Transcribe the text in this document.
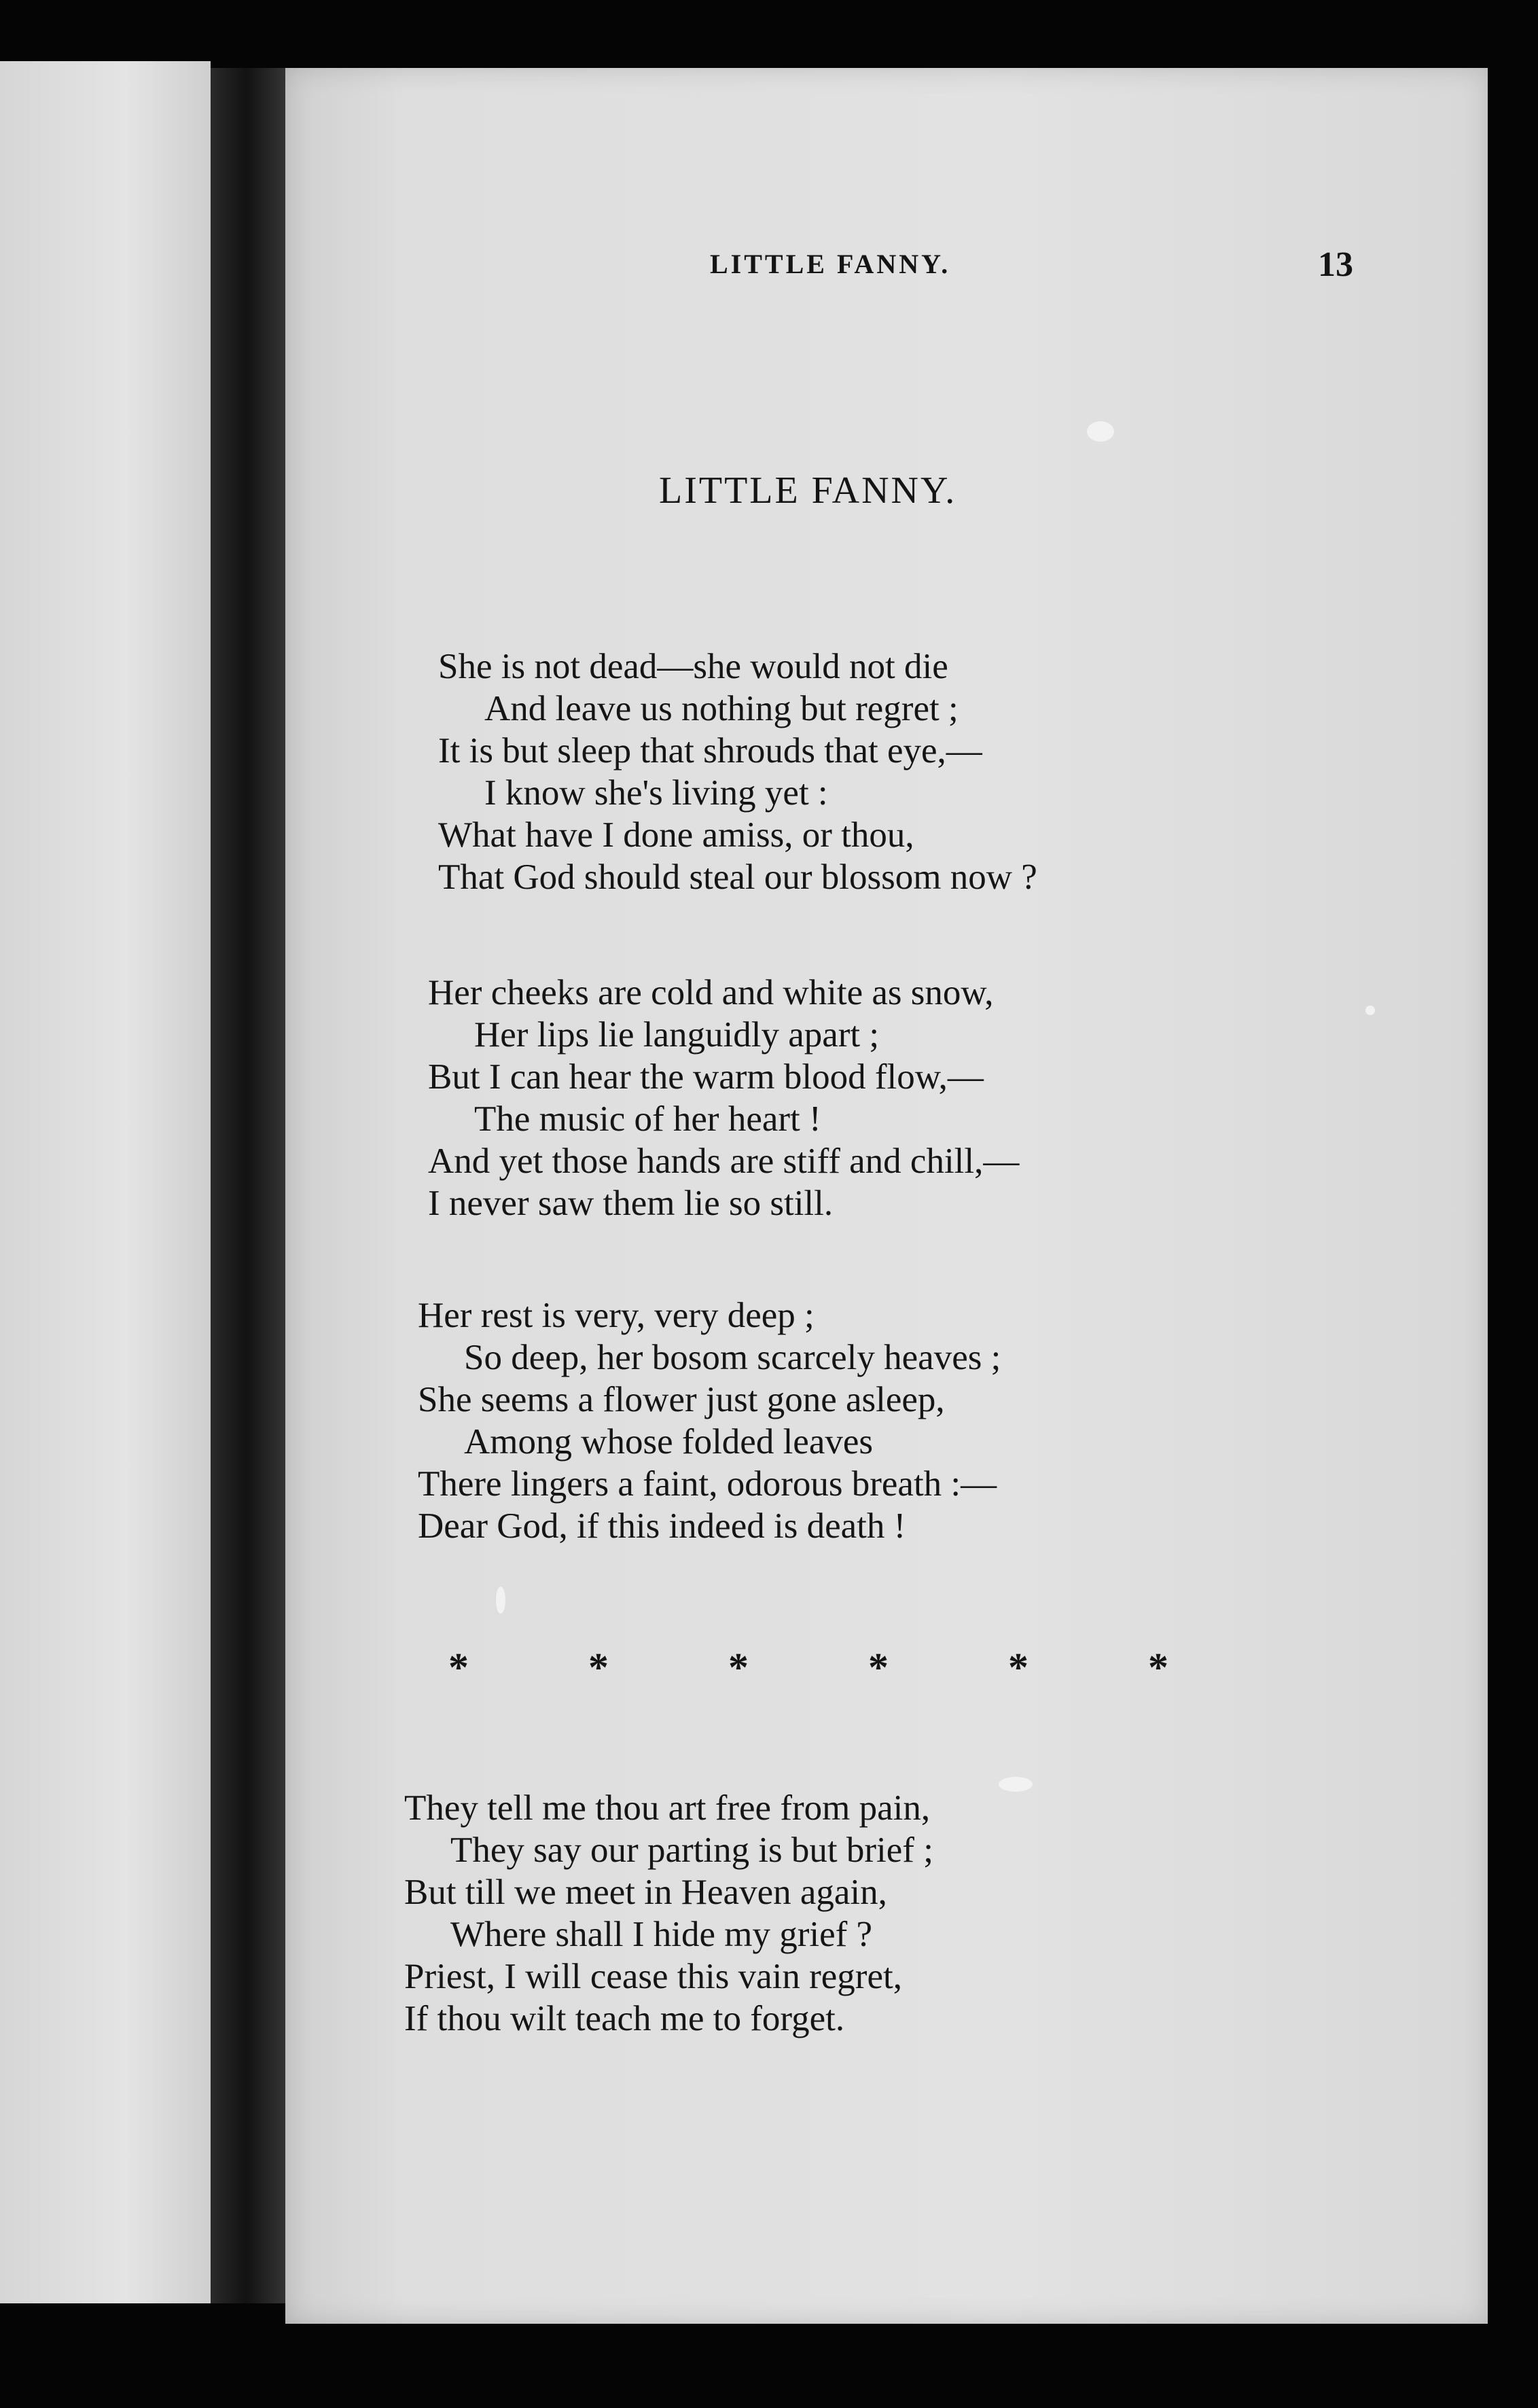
LITTLE FANNY.	13
LITTLE FANNY.
She is not dead—she would not die
And leave us nothing but regret ;
It is but sleep that shrouds that eye,—
I know she's living yet :
What have I done amiss, or thou,
That God should steal our blossom now ?
Her cheeks are cold and white as snow,
Her lips lie languidly apart ;
But I can hear the warm blood flow,—
The music of her heart !
And yet those hands are stiff and chill,—
I never saw them lie so still.
Her rest is very, very deep ;
So deep, her bosom scarcely heaves ;
She seems a flower just gone asleep,
Among whose folded leaves
There lingers a faint, odorous breath :—
Dear God, if this indeed is death !
*	*	*	*	*	*
They tell me thou art free from pain,
They say our parting is but brief ;
But till we meet in Heaven again,
Where shall I hide my grief ?
Priest, I will cease this vain regret,
If thou wilt teach me to forget.
